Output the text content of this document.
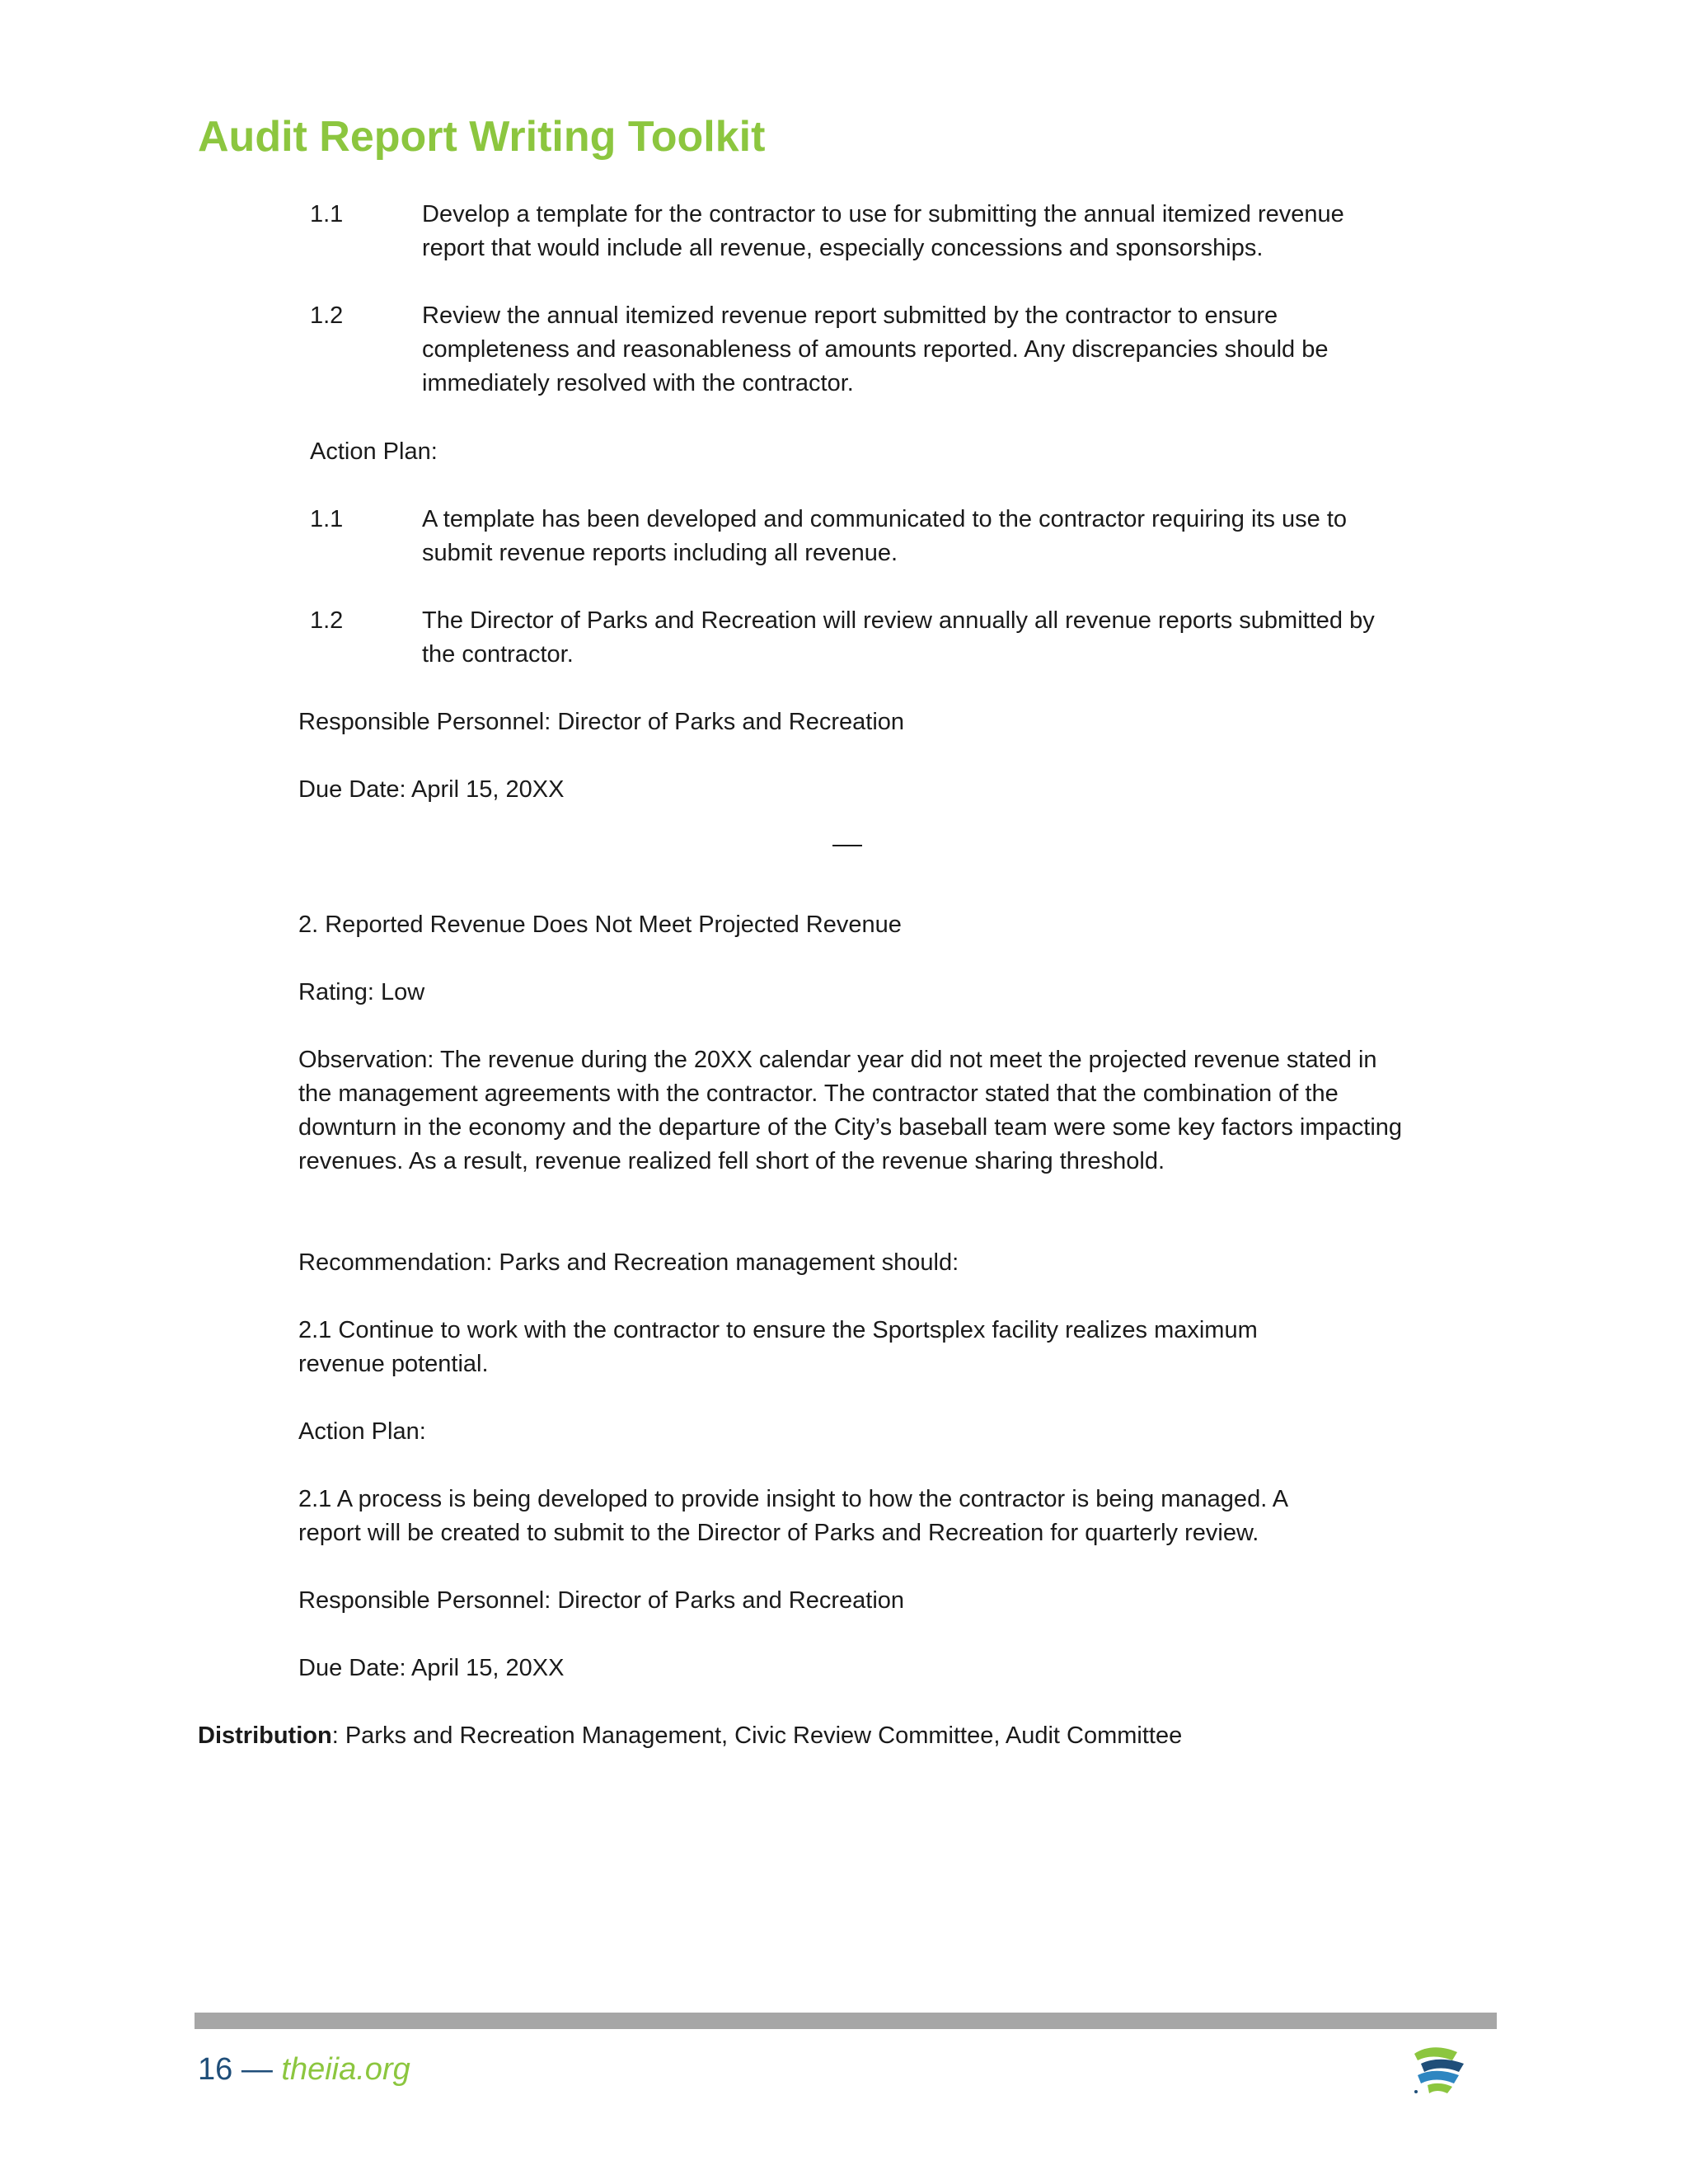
Audit Report Writing Toolkit
1.1	Develop a template for the contractor to use for submitting the annual itemized revenue report that would include all revenue, especially concessions and sponsorships.

1.2	Review the annual itemized revenue report submitted by the contractor to ensure completeness and reasonableness of amounts reported. Any discrepancies should be immediately resolved with the contractor.

Action Plan:

1.1	A template has been developed and communicated to the contractor requiring its use to submit revenue reports including all revenue.

1.2	The Director of Parks and Recreation will review annually all revenue reports submitted by the contractor.

Responsible Personnel: Director of Parks and Recreation

Due Date: April 15, 20XX

2. Reported Revenue Does Not Meet Projected Revenue

Rating: Low

Observation: The revenue during the 20XX calendar year did not meet the projected revenue stated in the management agreements with the contractor. The contractor stated that the combination of the downturn in the economy and the departure of the City’s baseball team were some key factors impacting revenues. As a result, revenue realized fell short of the revenue sharing threshold.

Recommendation: Parks and Recreation management should:

2.1 Continue to work with the contractor to ensure the Sportsplex facility realizes maximum revenue potential.

Action Plan:

2.1 A process is being developed to provide insight to how the contractor is being managed. A report will be created to submit to the Director of Parks and Recreation for quarterly review.

Responsible Personnel: Director of Parks and Recreation

Due Date: April 15, 20XX

Distribution: Parks and Recreation Management, Civic Review Committee, Audit Committee

16 — theiia.org
